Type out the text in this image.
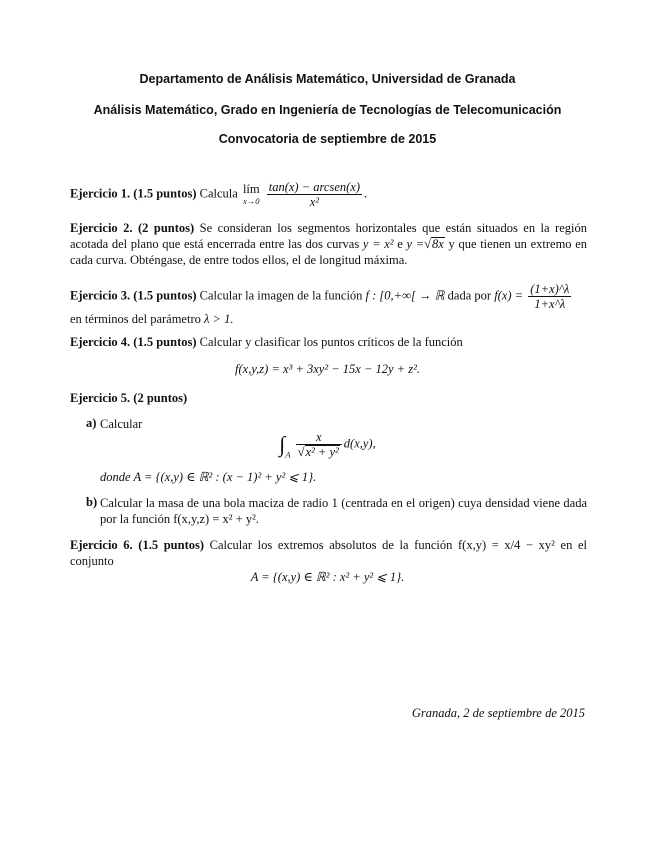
Departamento de Análisis Matemático, Universidad de Granada
Análisis Matemático, Grado en Ingeniería de Tecnologías de Telecomunicación
Convocatoria de septiembre de 2015
Ejercicio 1. (1.5 puntos) Calcula lím
x→0
$\frac{\text{tan(x) − arcsen(x)}}{\text{x²}}$ .
Ejercicio 2. (2 puntos) Se consideran los segmentos horizontales que están situados en la región acotada del plano que está encerrada entre las dos curvas y = x² e y =√8x y que tienen un extremo en cada curva. Obténgase, de entre todos ellos, el de longitud máxima.
Ejercicio 3. (1.5 puntos) Calcular la imagen de la función f : [0,+∞[ → ℝ dada por $f(x) = \frac{(1+x)\^{}\lambda}{1+x\^{}\lambda}$

en términos del parámetro λ > 1.
Ejercicio 4. (1.5 puntos) Calcular y clasificar los puntos críticos de la función
f(x,y,z) = x³ + 3xy² − 15x − 12y + z².
Ejercicio 5. (2 puntos)
a) Calcular
$\int_A \frac{x}{\text{√x² + y²}} d(x,y)$,
donde A = {(x,y) ∈ ℝ² : (x − 1)² + y² ⩽ 1}.
b) Calcular la masa de una bola maciza de radio 1 (centrada en el origen) cuya densidad viene dada por la función f(x,y,z) = x² + y².
Ejercicio 6. (1.5 puntos) Calcular los extremos absolutos de la función f(x,y) = x/4 − xy² en el conjunto
A = {(x,y) ∈ ℝ² : x² + y² ⩽ 1}.
Granada, 2 de septiembre de 2015
